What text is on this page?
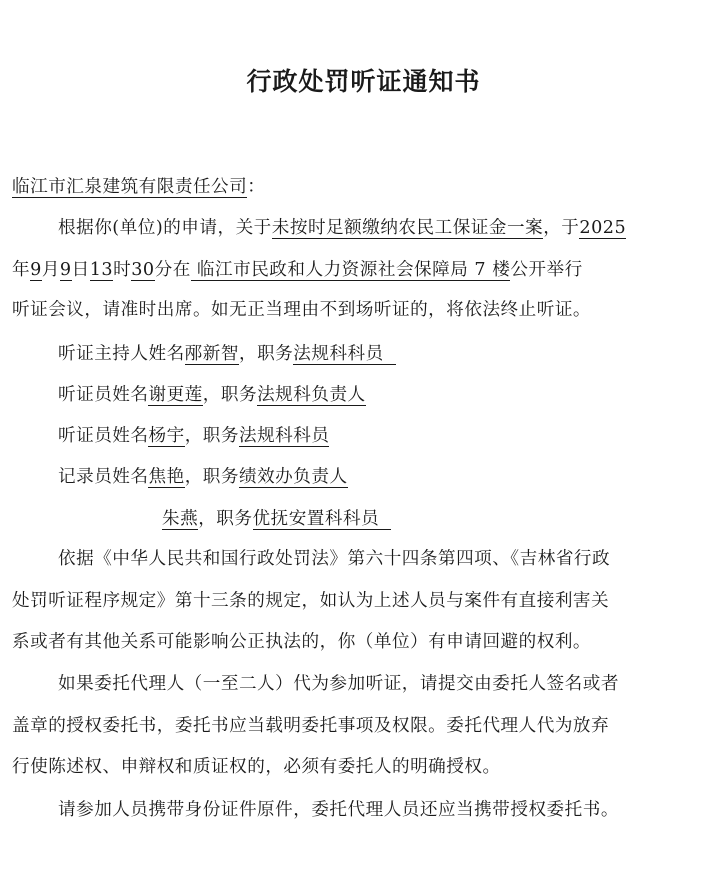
行政处罚听证通知书
临江市汇泉建筑有限责任公司：
根据你(单位)的申请，关于未按时足额缴纳农民工保证金一案，于2025
年9月9日13时30分在 临江市民政和人力资源社会保障局 7 楼公开举行
听证会议，请准时出席。如无正当理由不到场听证的，将依法终止听证。
听证主持人姓名邴新智，职务法规科科员
听证员姓名谢更莲，职务法规科负责人
听证员姓名杨宇，职务法规科科员
记录员姓名焦艳，职务绩效办负责人
朱燕，职务优抚安置科科员
依据《中华人民共和国行政处罚法》第六十四条第四项、《吉林省行政
处罚听证程序规定》第十三条的规定，如认为上述人员与案件有直接利害关
系或者有其他关系可能影响公正执法的，你（单位）有申请回避的权利。
如果委托代理人（一至二人）代为参加听证，请提交由委托人签名或者
盖章的授权委托书，委托书应当载明委托事项及权限。委托代理人代为放弃
行使陈述权、申辩权和质证权的，必须有委托人的明确授权。
请参加人员携带身份证件原件，委托代理人员还应当携带授权委托书。
